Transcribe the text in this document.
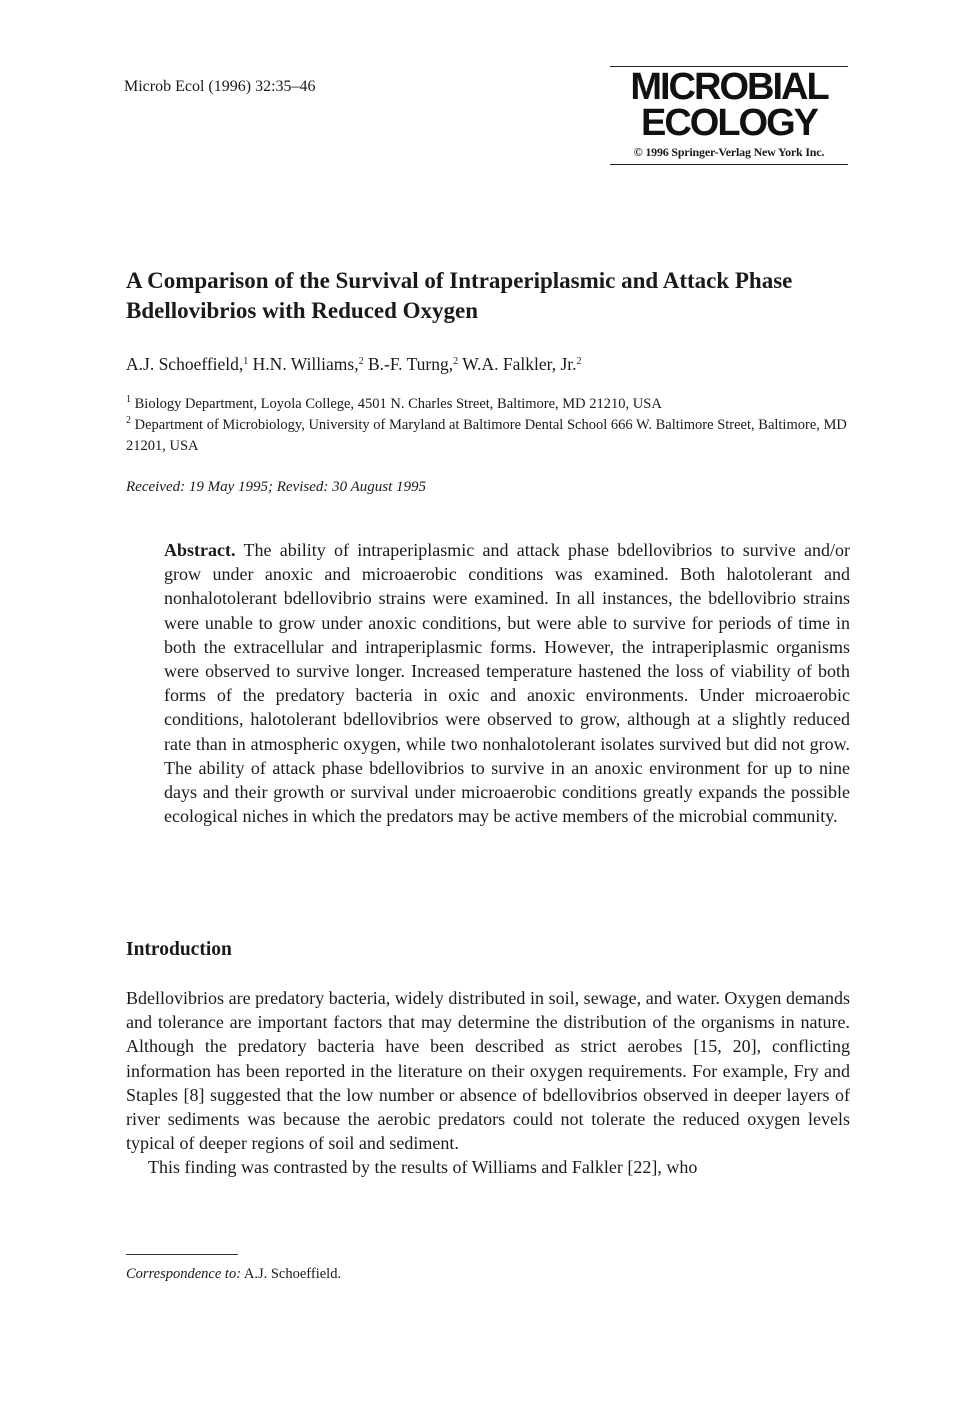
Microb Ecol (1996) 32:35–46	MICROBIAL
ECOLOGY
© 1996 Springer-Verlag New York Inc.
A Comparison of the Survival of Intraperiplasmic and Attack Phase Bdellovibrios with Reduced Oxygen
A.J. Schoeffield,$^1$ H.N. Williams,$^2$ B.-F. Turng,$^2$ W.A. Falkler, Jr.$^2$
$^1$ Biology Department, Loyola College, 4501 N. Charles Street, Baltimore, MD 21210, USA
$^2$ Department of Microbiology, University of Maryland at Baltimore Dental School 666 W. Baltimore Street, Baltimore, MD 21201, USA
Received: 19 May 1995; Revised: 30 August 1995
Abstract. The ability of intraperiplasmic and attack phase bdellovibrios to survive and/or grow under anoxic and microaerobic conditions was examined. Both halotolerant and nonhalotolerant bdellovibrio strains were examined. In all instances, the bdellovibrio strains were unable to grow under anoxic conditions, but were able to survive for periods of time in both the extracellular and intraperiplasmic forms. However, the intraperiplasmic organisms were observed to survive longer. Increased temperature hastened the loss of viability of both forms of the predatory bacteria in oxic and anoxic environments. Under microaerobic conditions, halotolerant bdellovibrios were observed to grow, although at a slightly reduced rate than in atmospheric oxygen, while two nonhalotolerant isolates survived but did not grow. The ability of attack phase bdellovibrios to survive in an anoxic environment for up to nine days and their growth or survival under microaerobic conditions greatly expands the possible ecological niches in which the predators may be active members of the microbial community.
Introduction

Bdellovibrios are predatory bacteria, widely distributed in soil, sewage, and water. Oxygen demands and tolerance are important factors that may determine the distribution of the organisms in nature. Although the predatory bacteria have been described as strict aerobes [15, 20], conflicting information has been reported in the literature on their oxygen requirements. For example, Fry and Staples [8] suggested that the low number or absence of bdellovibrios observed in deeper layers of river sediments was because the aerobic predators could not tolerate the reduced oxygen levels typical of deeper regions of soil and sediment.

This finding was contrasted by the results of Williams and Falkler [22], who

Correspondence to: A.J. Schoeffield.
